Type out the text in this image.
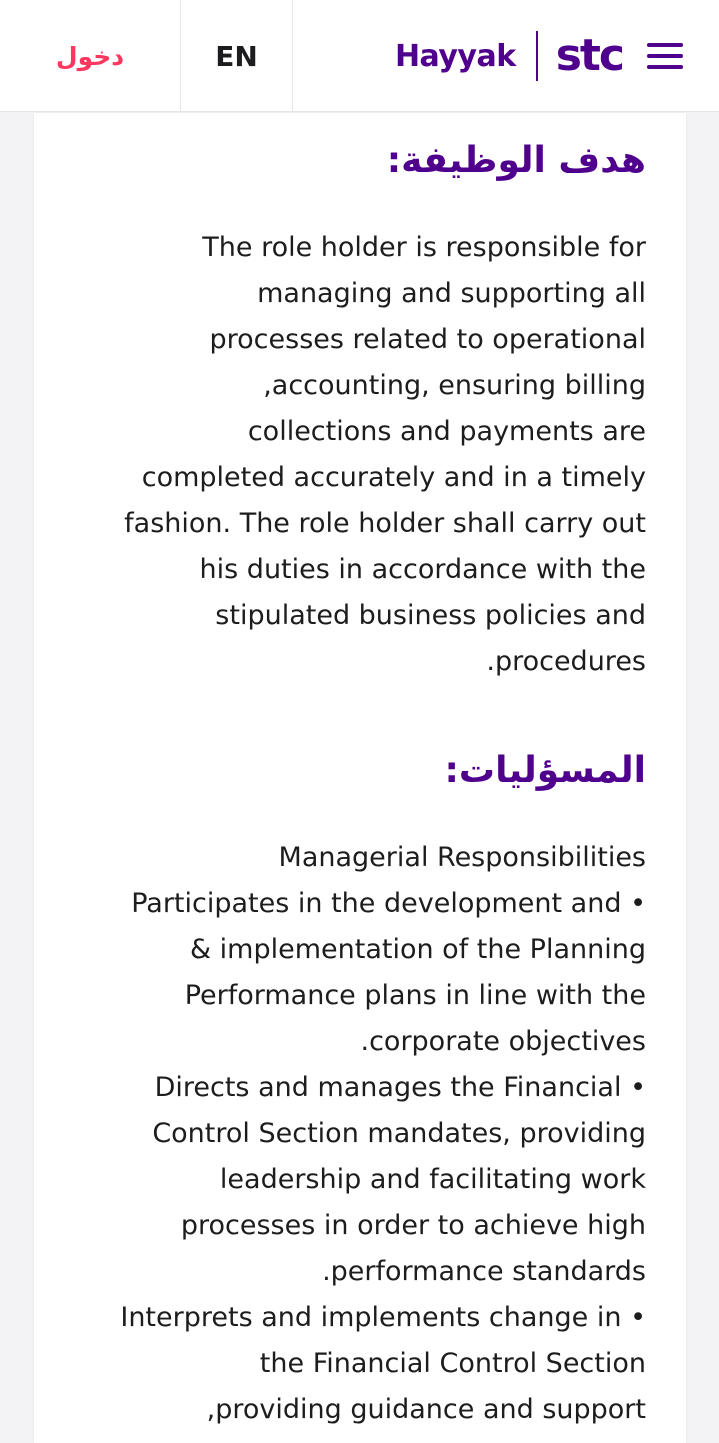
دخول	EN	Hayyak stc
هدف الوظيفة:
The role holder is responsible for
managing and supporting all
processes related to operational
accounting, ensuring billing,
collections and payments are
completed accurately and in a timely
fashion. The role holder shall carry out
his duties in accordance with the
stipulated business policies and
procedures.
المسؤليات:
Managerial Responsibilities
• Participates in the development and
implementation of the Planning &
Performance plans in line with the
corporate objectives.
• Directs and manages the Financial
Control Section mandates, providing
leadership and facilitating work
processes in order to achieve high
performance standards.
• Interprets and implements change in
the Financial Control Section
providing guidance and support,
